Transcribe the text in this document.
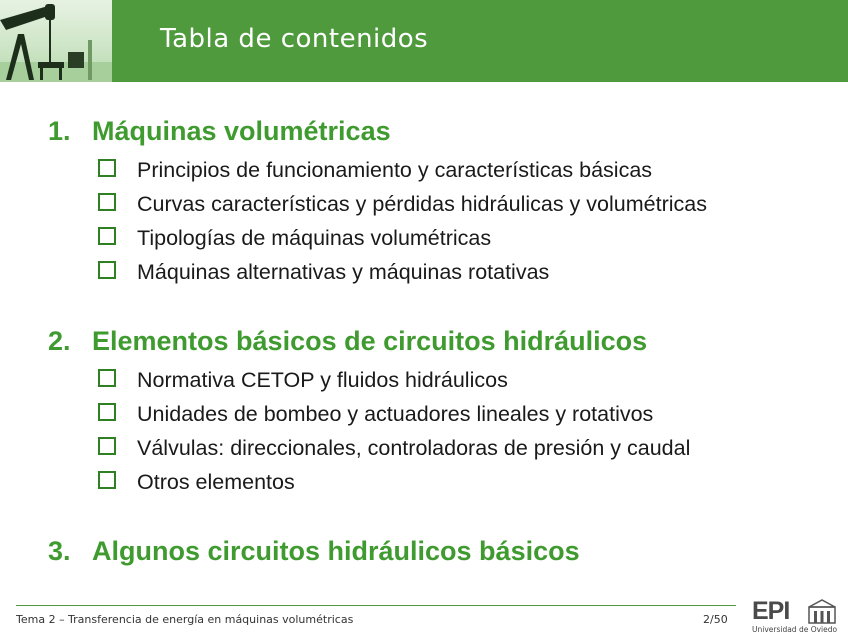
Tabla de contenidos
1. Máquinas volumétricas
Principios de funcionamiento y características básicas
Curvas características y pérdidas hidráulicas y volumétricas
Tipologías de máquinas volumétricas
Máquinas alternativas y máquinas rotativas
2. Elementos básicos de circuitos hidráulicos
Normativa CETOP y fluidos hidráulicos
Unidades de bombeo y actuadores lineales y rotativos
Válvulas: direccionales, controladoras de presión y caudal
Otros elementos
3. Algunos circuitos hidráulicos básicos
Tema 2 – Transferencia de energía en máquinas volumétricas	2/50 EPI
Universidad de Oviedo
